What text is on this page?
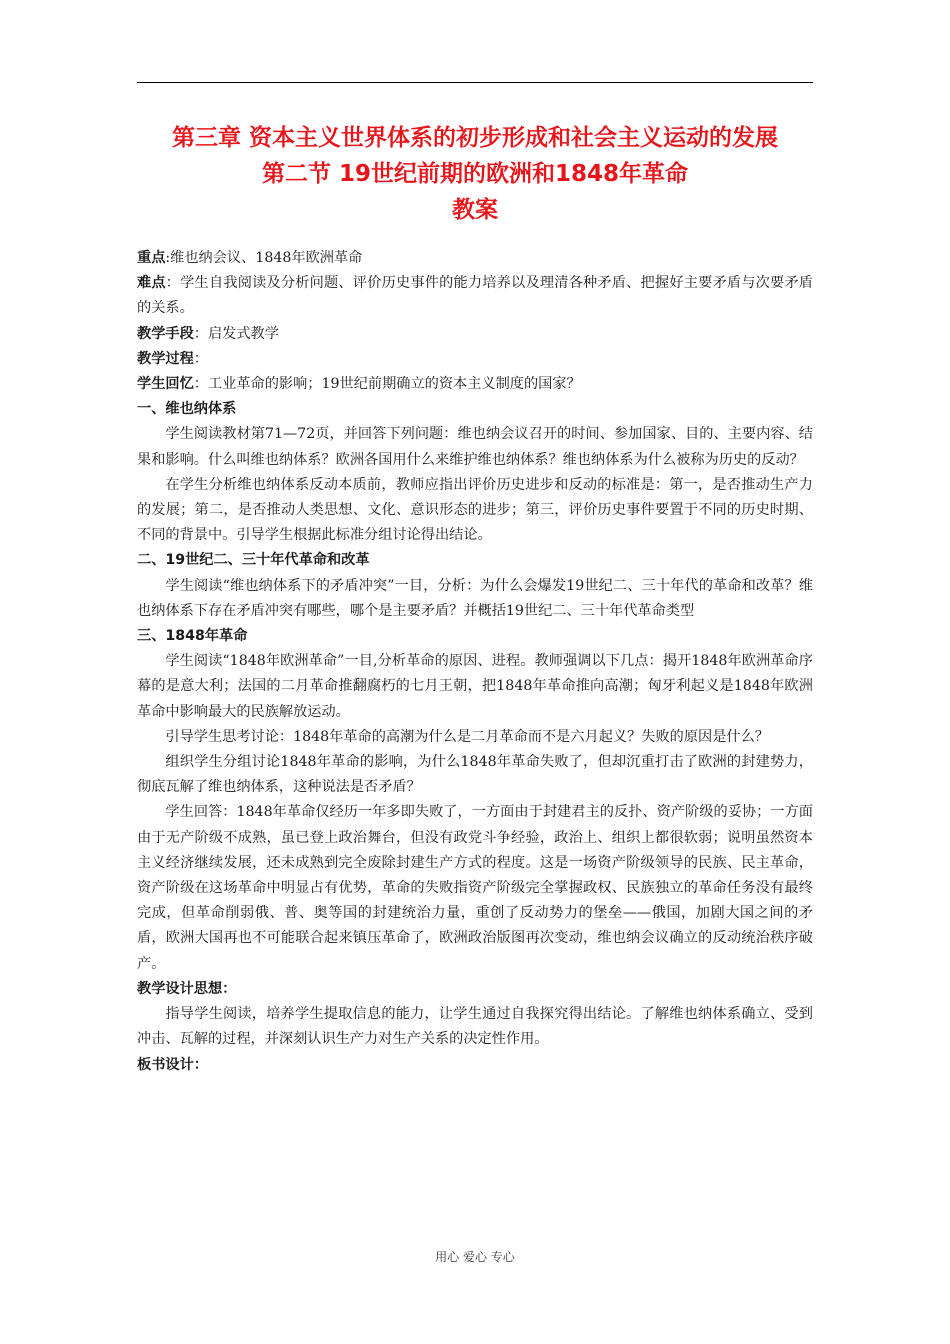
第三章 资本主义世界体系的初步形成和社会主义运动的发展
第二节 19世纪前期的欧洲和1848年革命
教案

重点:维也纳会议、1848年欧洲革命

难点：学生自我阅读及分析问题、评价历史事件的能力培养以及理清各种矛盾、把握好主要矛盾与次要矛盾的关系。

教学手段：启发式教学

教学过程：

学生回忆：工业革命的影响；19世纪前期确立的资本主义制度的国家？

一、维也纳体系

学生阅读教材第71—72页，并回答下列问题：维也纳会议召开的时间、参加国家、目的、主要内容、结果和影响。什么叫维也纳体系？欧洲各国用什么来维护维也纳体系？维也纳体系为什么被称为历史的反动？

在学生分析维也纳体系反动本质前，教师应指出评价历史进步和反动的标准是：第一，是否推动生产力的发展；第二，是否推动人类思想、文化、意识形态的进步；第三，评价历史事件要置于不同的历史时期、不同的背景中。引导学生根据此标准分组讨论得出结论。

二、19世纪二、三十年代革命和改革

学生阅读“维也纳体系下的矛盾冲突”一目，分析：为什么会爆发19世纪二、三十年代的革命和改革？维也纳体系下存在矛盾冲突有哪些，哪个是主要矛盾？并概括19世纪二、三十年代革命类型

三、1848年革命

学生阅读“1848年欧洲革命”一目,分析革命的原因、进程。教师强调以下几点：揭开1848年欧洲革命序幕的是意大利；法国的二月革命推翻腐朽的七月王朝，把1848年革命推向高潮；匈牙利起义是1848年欧洲革命中影响最大的民族解放运动。

引导学生思考讨论：1848年革命的高潮为什么是二月革命而不是六月起义？失败的原因是什么？

组织学生分组讨论1848年革命的影响，为什么1848年革命失败了，但却沉重打击了欧洲的封建势力，彻底瓦解了维也纳体系，这种说法是否矛盾？

学生回答：1848年革命仅经历一年多即失败了，一方面由于封建君主的反扑、资产阶级的妥协；一方面由于无产阶级不成熟，虽已登上政治舞台，但没有政党斗争经验，政治上、组织上都很软弱；说明虽然资本主义经济继续发展，还未成熟到完全废除封建生产方式的程度。这是一场资产阶级领导的民族、民主革命，资产阶级在这场革命中明显占有优势，革命的失败指资产阶级完全掌握政权、民族独立的革命任务没有最终完成，但革命削弱俄、普、奥等国的封建统治力量，重创了反动势力的堡垒——俄国，加剧大国之间的矛盾，欧洲大国再也不可能联合起来镇压革命了，欧洲政治版图再次变动，维也纳会议确立的反动统治秩序破产。

教学设计思想：

指导学生阅读，培养学生提取信息的能力，让学生通过自我探究得出结论。了解维也纳体系确立、受到冲击、瓦解的过程，并深刻认识生产力对生产关系的决定性作用。

板书设计：

用心 爱心 专心
